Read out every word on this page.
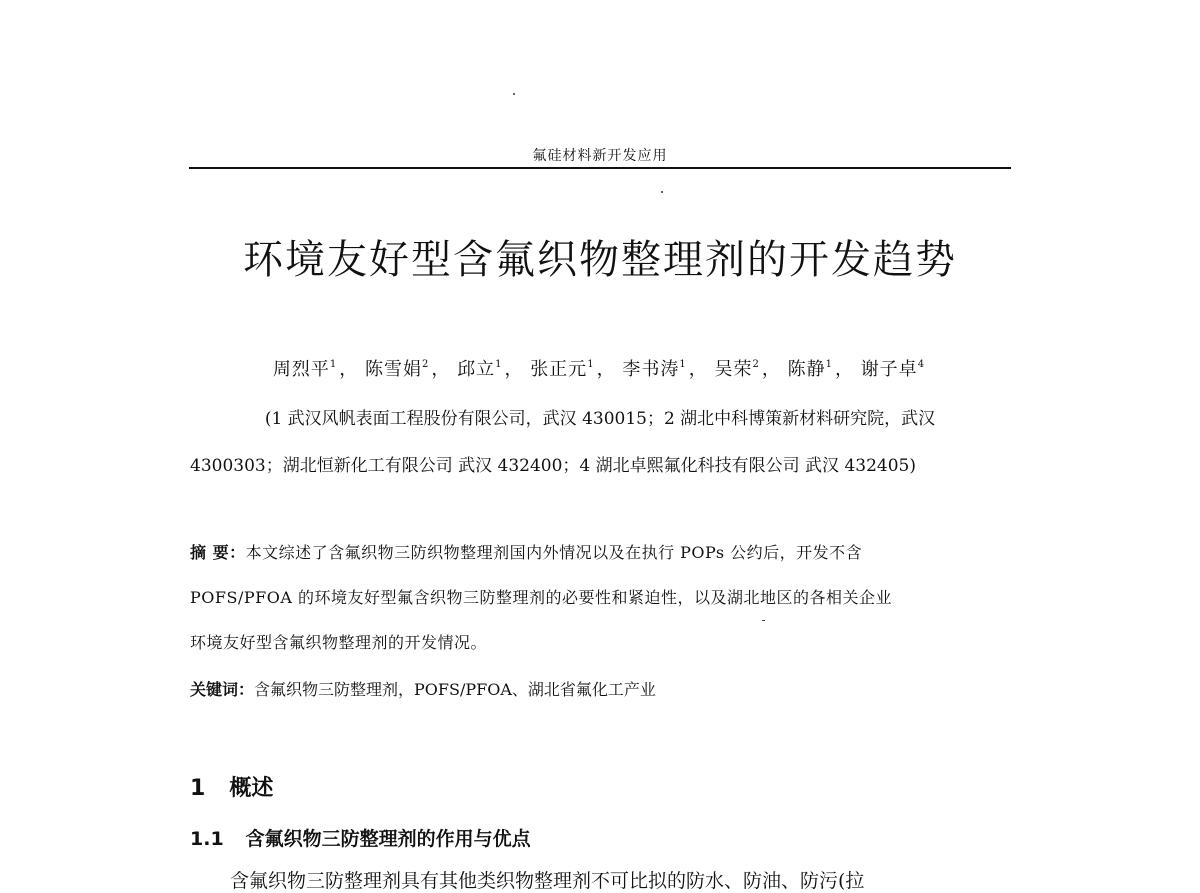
氟硅材料新开发应用
环境友好型含氟织物整理剂的开发趋势
周烈平$^1$ ， 陈雪娟$^2$ ， 邱立$^1$ ， 张正元$^1$ ， 李书涛$^1$ ， 吴荣$^2$ ， 陈静$^1$ ， 谢子卓$^4$
(1 武汉风帆表面工程股份有限公司，武汉 430015；2 湖北中科博策新材料研究院，武汉
4300303；湖北恒新化工有限公司 武汉 432400；4 湖北卓熙氟化科技有限公司 武汉 432405)
摘 要：本文综述了含氟织物三防织物整理剂国内外情况以及在执行 POPs 公约后，开发不含
POFS/PFOA 的环境友好型氟含织物三防整理剂的必要性和紧迫性，以及湖北地区的各相关企业
环境友好型含氟织物整理剂的开发情况。
关键词：含氟织物三防整理剂，POFS/PFOA、湖北省氟化工产业
1 概述
1.1 含氟织物三防整理剂的作用与优点
含氟织物三防整理剂具有其他类织物整理剂不可比拟的防水、防油、防污(拉
